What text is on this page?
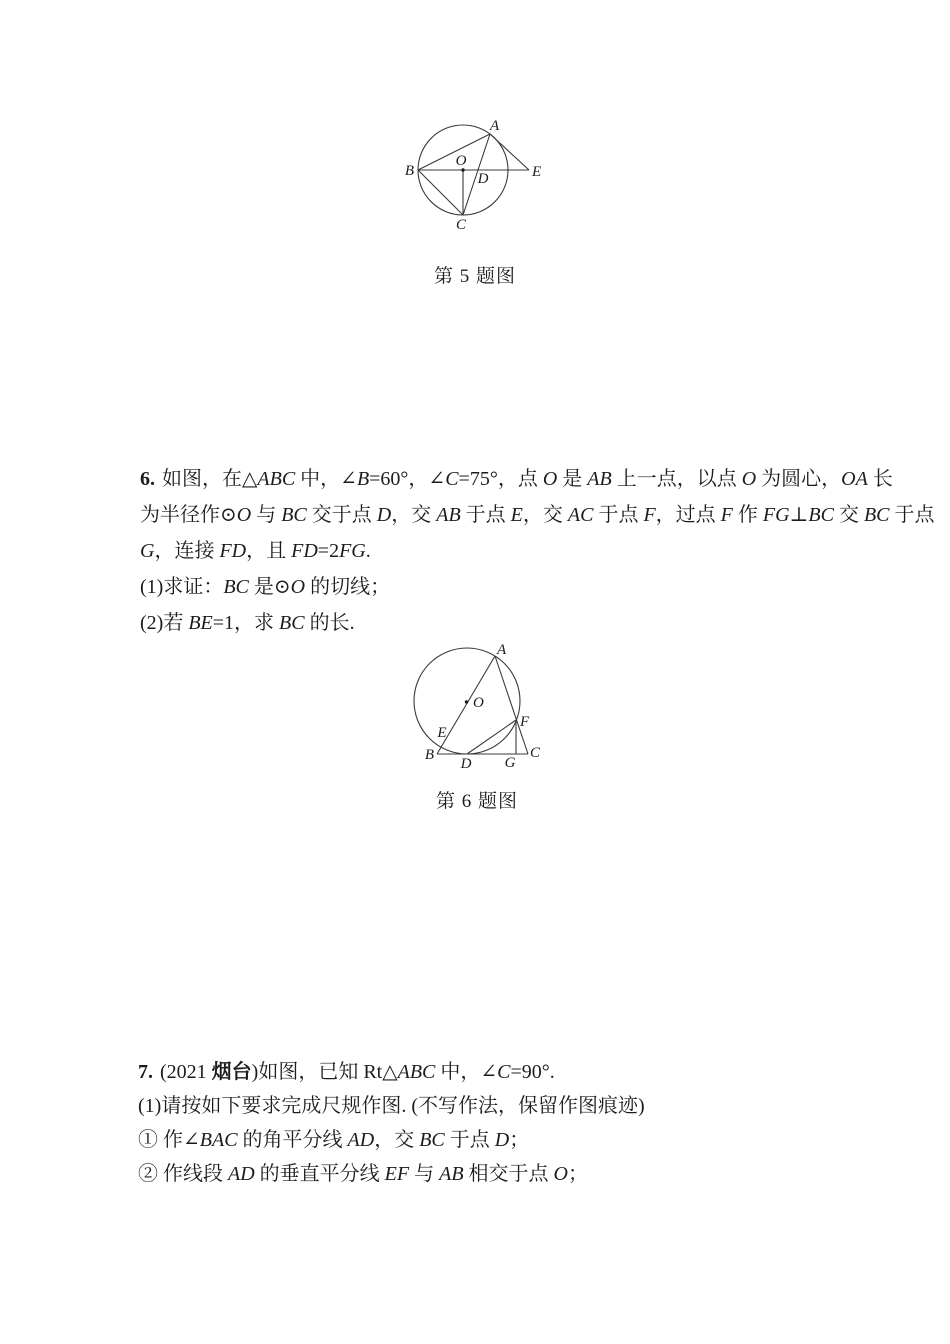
A
B
C
D	E
O
第 5 题图
6. 如图，在△ABC 中，∠B=60°，∠C=75°，点 O 是 AB 上一点，以点 O 为圆心，OA 长
为半径作⊙O 与 BC 交于点 D，交 AB 于点 E，交 AC 于点 F，过点 F 作 FG⊥BC 交 BC 于点
G，连接 FD，且 FD=2FG.
(1)求证：BC 是⊙O 的切线；
(2)若 BE=1，求 BC 的长.
A
B	C
D
E
F
G
O
第 6 题图
7. (2021 烟台)如图，已知 Rt△ABC 中，∠C=90°.
(1)请按如下要求完成尺规作图. (不写作法，保留作图痕迹)
① 作∠BAC 的角平分线 AD，交 BC 于点 D；
② 作线段 AD 的垂直平分线 EF 与 AB 相交于点 O；
